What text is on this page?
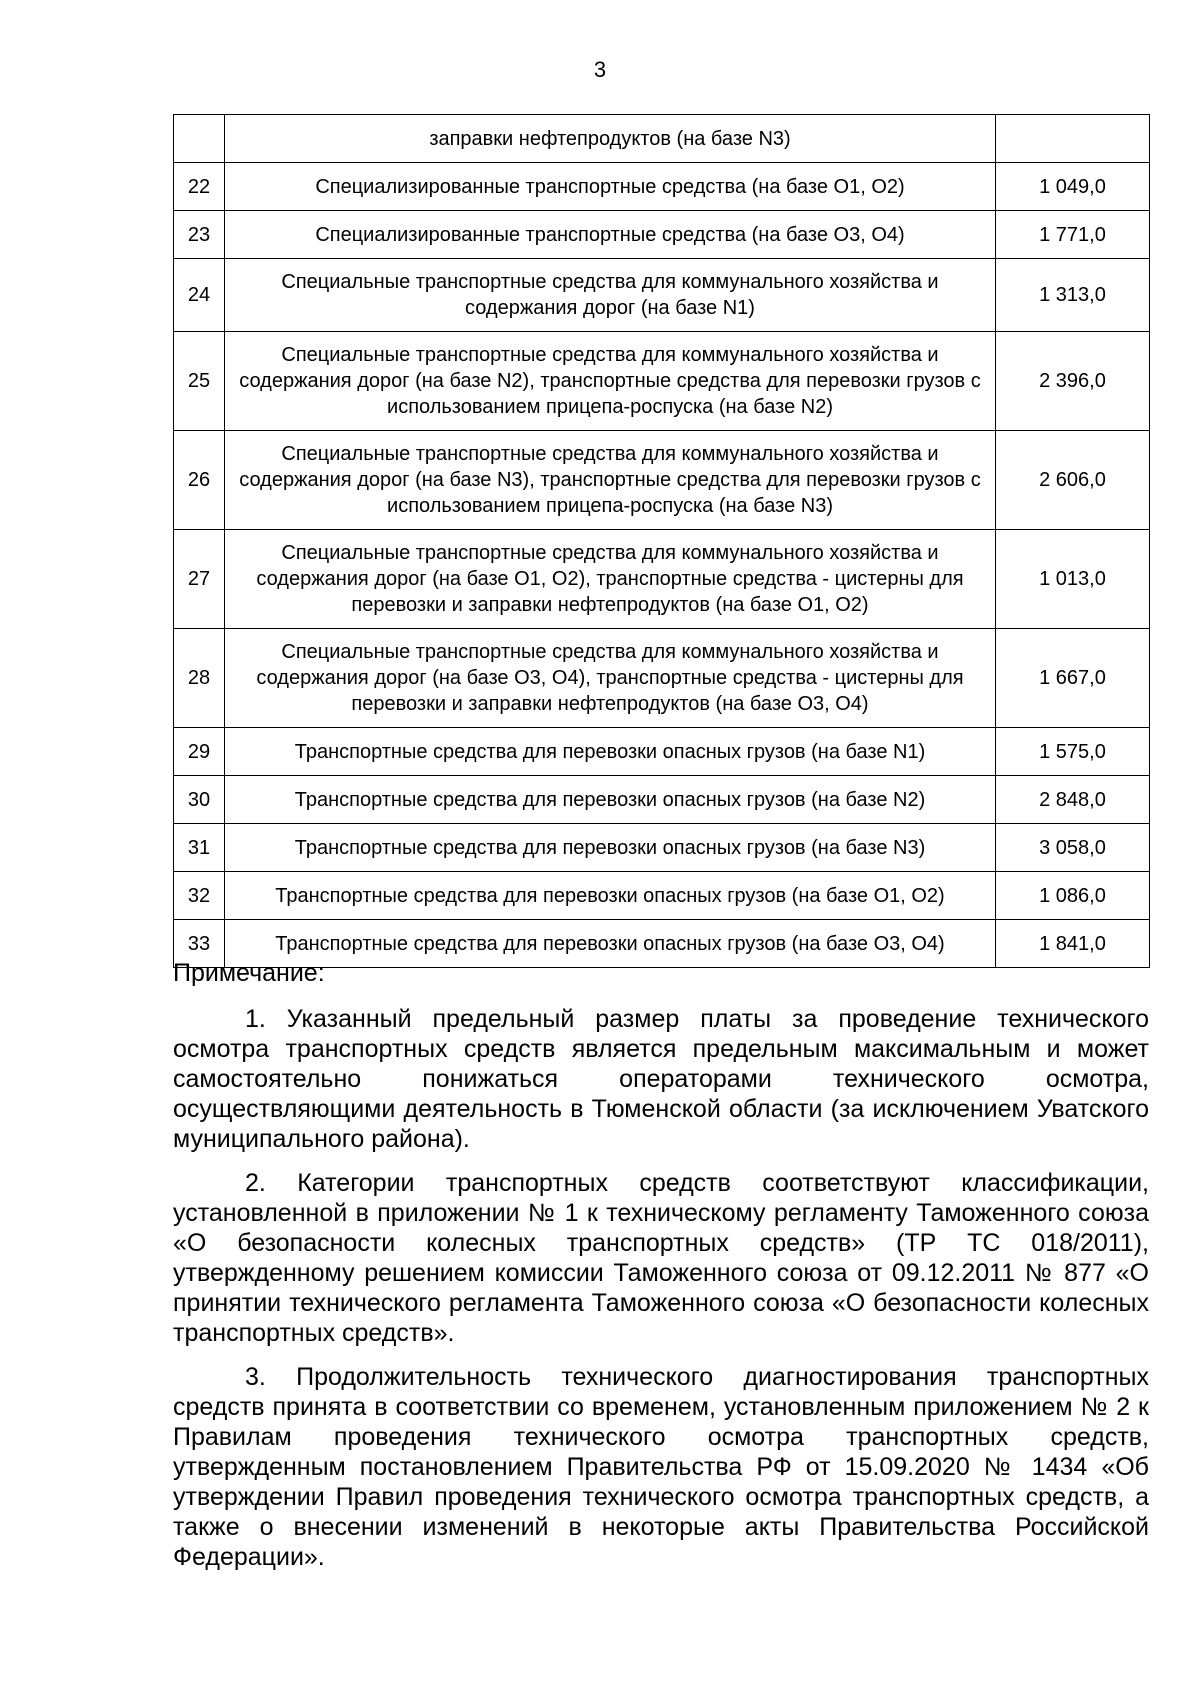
3
	заправки нефтепродуктов (на базе N3)	
22	Специализированные транспортные средства (на базе O1, O2)	1 049,0
23	Специализированные транспортные средства (на базе O3, O4)	1 771,0
24	Специальные транспортные средства для коммунального хозяйства и содержания дорог (на базе N1)	1 313,0
25	Специальные транспортные средства для коммунального хозяйства и содержания дорог (на базе N2), транспортные средства для перевозки грузов с использованием прицепа-роспуска (на базе N2)	2 396,0
26	Специальные транспортные средства для коммунального хозяйства и содержания дорог (на базе N3), транспортные средства для перевозки грузов с использованием прицепа-роспуска (на базе N3)	2 606,0
27	Специальные транспортные средства для коммунального хозяйства и содержания дорог (на базе O1, O2), транспортные средства - цистерны для перевозки и заправки нефтепродуктов (на базе O1, O2)	1 013,0
28	Специальные транспортные средства для коммунального хозяйства и содержания дорог (на базе O3, O4), транспортные средства - цистерны для перевозки и заправки нефтепродуктов (на базе O3, O4)	1 667,0
29	Транспортные средства для перевозки опасных грузов (на базе N1)	1 575,0
30	Транспортные средства для перевозки опасных грузов (на базе N2)	2 848,0
31	Транспортные средства для перевозки опасных грузов (на базе N3)	3 058,0
32	Транспортные средства для перевозки опасных грузов (на базе O1, O2)	1 086,0
33	Транспортные средства для перевозки опасных грузов (на базе O3, O4)	1 841,0
Примечание:

1. Указанный предельный размер платы за проведение технического осмотра транспортных средств является предельным максимальным и может самостоятельно понижаться операторами технического осмотра, осуществляющими деятельность в Тюменской области (за исключением Уватского муниципального района).

2. Категории транспортных средств соответствуют классификации, установленной в приложении № 1 к техническому регламенту Таможенного союза «О безопасности колесных транспортных средств» (ТР ТС 018/2011), утвержденному решением комиссии Таможенного союза от 09.12.2011 № 877 «О принятии технического регламента Таможенного союза «О безопасности колесных транспортных средств».

3. Продолжительность технического диагностирования транспортных средств принята в соответствии со временем, установленным приложением № 2 к Правилам проведения технического осмотра транспортных средств, утвержденным постановлением Правительства РФ от 15.09.2020 № 1434 «Об утверждении Правил проведения технического осмотра транспортных средств, а также о внесении изменений в некоторые акты Правительства Российской Федерации».
